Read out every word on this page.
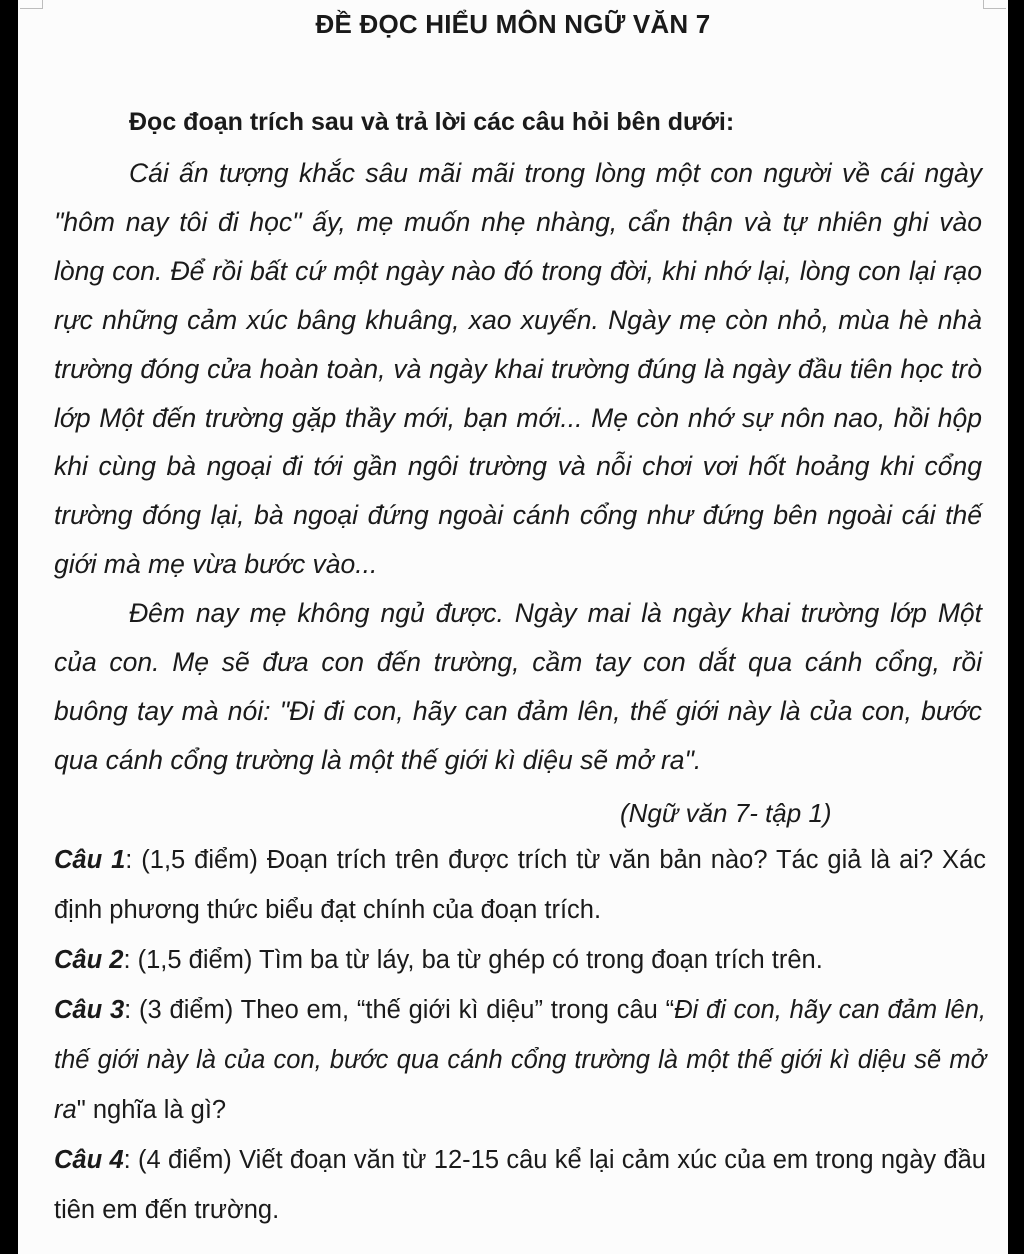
ĐỀ ĐỌC HIỂU MÔN NGỮ VĂN 7
Đọc đoạn trích sau và trả lời các câu hỏi bên dưới:

Cái ấn tượng khắc sâu mãi mãi trong lòng một con người về cái ngày "hôm nay tôi đi học" ấy, mẹ muốn nhẹ nhàng, cẩn thận và tự nhiên ghi vào lòng con. Để rồi bất cứ một ngày nào đó trong đời, khi nhớ lại, lòng con lại rạo rực những cảm xúc bâng khuâng, xao xuyến. Ngày mẹ còn nhỏ, mùa hè nhà trường đóng cửa hoàn toàn, và ngày khai trường đúng là ngày đầu tiên học trò lớp Một đến trường gặp thầy mới, bạn mới... Mẹ còn nhớ sự nôn nao, hồi hộp khi cùng bà ngoại đi tới gần ngôi trường và nỗi chơi vơi hốt hoảng khi cổng trường đóng lại, bà ngoại đứng ngoài cánh cổng như đứng bên ngoài cái thế giới mà mẹ vừa bước vào...

Đêm nay mẹ không ngủ được. Ngày mai là ngày khai trường lớp Một của con. Mẹ sẽ đưa con đến trường, cầm tay con dắt qua cánh cổng, rồi buông tay mà nói: "Đi đi con, hãy can đảm lên, thế giới này là của con, bước qua cánh cổng trường là một thế giới kì diệu sẽ mở ra".

(Ngữ văn 7- tập 1)

Câu 1: (1,5 điểm) Đoạn trích trên được trích từ văn bản nào? Tác giả là ai? Xác định phương thức biểu đạt chính của đoạn trích.

Câu 2: (1,5 điểm) Tìm ba từ láy, ba từ ghép có trong đoạn trích trên.

Câu 3: (3 điểm) Theo em, “thế giới kì diệu” trong câu “Đi đi con, hãy can đảm lên, thế giới này là của con, bước qua cánh cổng trường là một thế giới kì diệu sẽ mở ra" nghĩa là gì?

Câu 4: (4 điểm) Viết đoạn văn từ 12-15 câu kể lại cảm xúc của em trong ngày đầu tiên em đến trường.
